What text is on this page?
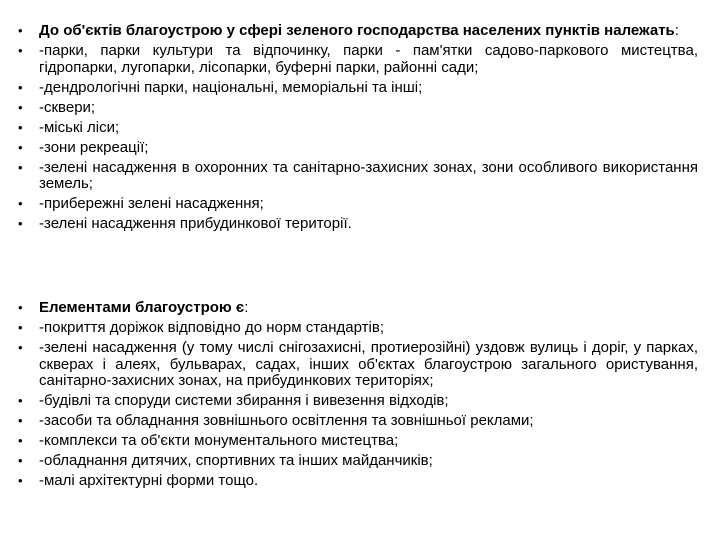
• До об'єктів благоустрою у сфері зеленого господарства населених пунктів належать:
• -парки, парки культури та відпочинку, парки - пам'ятки садово-паркового мистецтва, гідропарки, лугопарки, лісопарки, буферні парки, районні сади;
• -дендрологічні парки, національні, меморіальні та інші;
• -сквери;
• -міські ліси;
• -зони рекреації;
• -зелені насадження в охоронних та санітарно-захисних зонах, зони особливого використання земель;
• -прибережні зелені насадження;
• -зелені насадження прибудинкової території.
• Елементами благоустрою є:
• -покриття доріжок відповідно до норм стандартів;
• -зелені насадження (у тому числі снігозахисні, протиерозійні) уздовж вулиць і доріг, у парках, скверах і алеях, бульварах, садах, інших об'єктах благоустрою загального ористування, санітарно-захисних зонах, на прибудинкових територіях;
• -будівлі та споруди системи збирання і вивезення відходів;
• -засоби та обладнання зовнішнього освітлення та зовнішньої реклами;
• -комплекси та об'єкти монументального мистецтва;
• -обладнання дитячих, спортивних та інших майданчиків;
• -малі архітектурні форми тощо.
